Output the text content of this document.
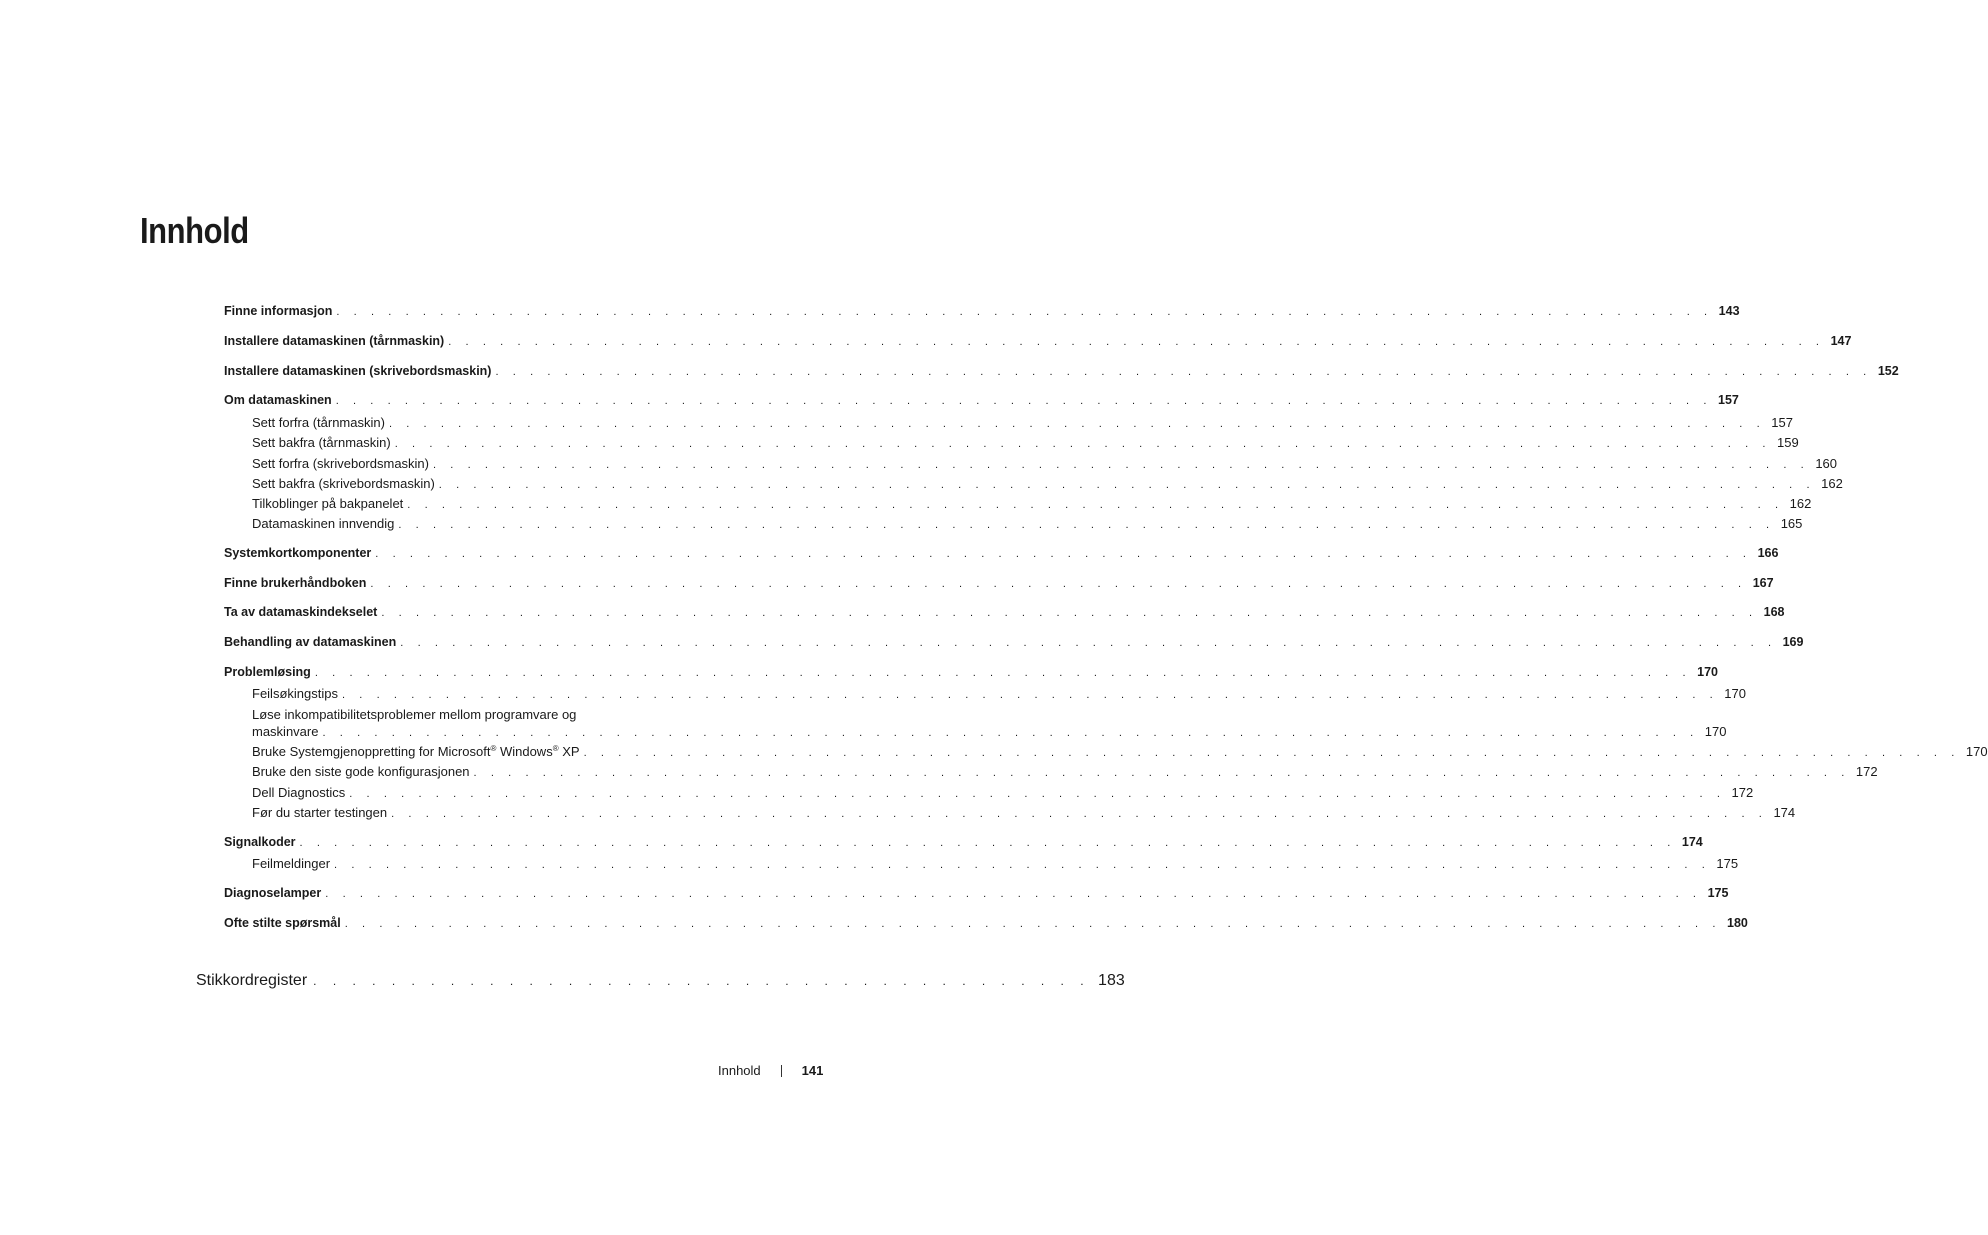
Innhold
Finne informasjon . . . . . . . . . . . . . . . . . . . . . . . . . . . . . . . . . . . . . . . . . . . . . . . . . . . . . . . . . . . . . . . . . . . . . . . . . . . . . . . . 143
Installere datamaskinen (tårnmaskin) . . . . . . . . . . . . . . . . . . . . . . . . . . . . . . . . . . . . . . . . . . . . . . . . . . . . . . . . . . . . . . . . . . . . . . . . . . . . . . . . 147
Installere datamaskinen (skrivebordsmaskin) . . . . . . . . . . . . . . . . . . . . . . . . . . . . . . . . . . . . . . . . . . . . . . . . . . . . . . . . . . . . . . . . . . . . . . . . . . . . . . . . 152
Om datamaskinen . . . . . . . . . . . . . . . . . . . . . . . . . . . . . . . . . . . . . . . . . . . . . . . . . . . . . . . . . . . . . . . . . . . . . . . . . . . . . . . . 157
Sett forfra (tårnmaskin) . . . . . . . . . . . . . . . . . . . . . . . . . . . . . . . . . . . . . . . . . . . . . . . . . . . . . . . . . . . . . . . . . . . . . . . . . . . . . . . . 157
Sett bakfra (tårnmaskin) . . . . . . . . . . . . . . . . . . . . . . . . . . . . . . . . . . . . . . . . . . . . . . . . . . . . . . . . . . . . . . . . . . . . . . . . . . . . . . . . 159
Sett forfra (skrivebordsmaskin) . . . . . . . . . . . . . . . . . . . . . . . . . . . . . . . . . . . . . . . . . . . . . . . . . . . . . . . . . . . . . . . . . . . . . . . . . . . . . . . . 160
Sett bakfra (skrivebordsmaskin) . . . . . . . . . . . . . . . . . . . . . . . . . . . . . . . . . . . . . . . . . . . . . . . . . . . . . . . . . . . . . . . . . . . . . . . . . . . . . . . . 162
Tilkoblinger på bakpanelet . . . . . . . . . . . . . . . . . . . . . . . . . . . . . . . . . . . . . . . . . . . . . . . . . . . . . . . . . . . . . . . . . . . . . . . . . . . . . . . . 162
Datamaskinen innvendig . . . . . . . . . . . . . . . . . . . . . . . . . . . . . . . . . . . . . . . . . . . . . . . . . . . . . . . . . . . . . . . . . . . . . . . . . . . . . . . . 165
Systemkortkomponenter . . . . . . . . . . . . . . . . . . . . . . . . . . . . . . . . . . . . . . . . . . . . . . . . . . . . . . . . . . . . . . . . . . . . . . . . . . . . . . . . 166
Finne brukerhåndboken . . . . . . . . . . . . . . . . . . . . . . . . . . . . . . . . . . . . . . . . . . . . . . . . . . . . . . . . . . . . . . . . . . . . . . . . . . . . . . . . 167
Ta av datamaskindekselet . . . . . . . . . . . . . . . . . . . . . . . . . . . . . . . . . . . . . . . . . . . . . . . . . . . . . . . . . . . . . . . . . . . . . . . . . . . . . . . . 168
Behandling av datamaskinen . . . . . . . . . . . . . . . . . . . . . . . . . . . . . . . . . . . . . . . . . . . . . . . . . . . . . . . . . . . . . . . . . . . . . . . . . . . . . . . . 169
Problemløsing . . . . . . . . . . . . . . . . . . . . . . . . . . . . . . . . . . . . . . . . . . . . . . . . . . . . . . . . . . . . . . . . . . . . . . . . . . . . . . . . 170
Feilsøkingstips . . . . . . . . . . . . . . . . . . . . . . . . . . . . . . . . . . . . . . . . . . . . . . . . . . . . . . . . . . . . . . . . . . . . . . . . . . . . . . . . 170
Løse inkompatibilitetsproblemer mellom programvare og
maskinvare . . . . . . . . . . . . . . . . . . . . . . . . . . . . . . . . . . . . . . . . . . . . . . . . . . . . . . . . . . . . . . . . . . . . . . . . . . . . . . . . 170
Bruke Systemgjenoppretting for Microsoft® Windows® XP . . . . . . . . . . . . . . . . . . . . . . . . . . . . . . . . . . . . . . . . . . . . . . . . . . . . . . . . . . . . . . . . . . . . . . . . . . . . . . . . 170
Bruke den siste gode konfigurasjonen . . . . . . . . . . . . . . . . . . . . . . . . . . . . . . . . . . . . . . . . . . . . . . . . . . . . . . . . . . . . . . . . . . . . . . . . . . . . . . . . 172
Dell Diagnostics . . . . . . . . . . . . . . . . . . . . . . . . . . . . . . . . . . . . . . . . . . . . . . . . . . . . . . . . . . . . . . . . . . . . . . . . . . . . . . . . 172
Før du starter testingen . . . . . . . . . . . . . . . . . . . . . . . . . . . . . . . . . . . . . . . . . . . . . . . . . . . . . . . . . . . . . . . . . . . . . . . . . . . . . . . . 174
Signalkoder . . . . . . . . . . . . . . . . . . . . . . . . . . . . . . . . . . . . . . . . . . . . . . . . . . . . . . . . . . . . . . . . . . . . . . . . . . . . . . . . 174
Feilmeldinger . . . . . . . . . . . . . . . . . . . . . . . . . . . . . . . . . . . . . . . . . . . . . . . . . . . . . . . . . . . . . . . . . . . . . . . . . . . . . . . . 175
Diagnoselamper . . . . . . . . . . . . . . . . . . . . . . . . . . . . . . . . . . . . . . . . . . . . . . . . . . . . . . . . . . . . . . . . . . . . . . . . . . . . . . . . 175
Ofte stilte spørsmål . . . . . . . . . . . . . . . . . . . . . . . . . . . . . . . . . . . . . . . . . . . . . . . . . . . . . . . . . . . . . . . . . . . . . . . . . . . . . . . . 180
Stikkordregister . . . . . . . . . . . . . . . . . . . . . . . . . . . . . . . . . . . . . . . . 183
Innhold	141
